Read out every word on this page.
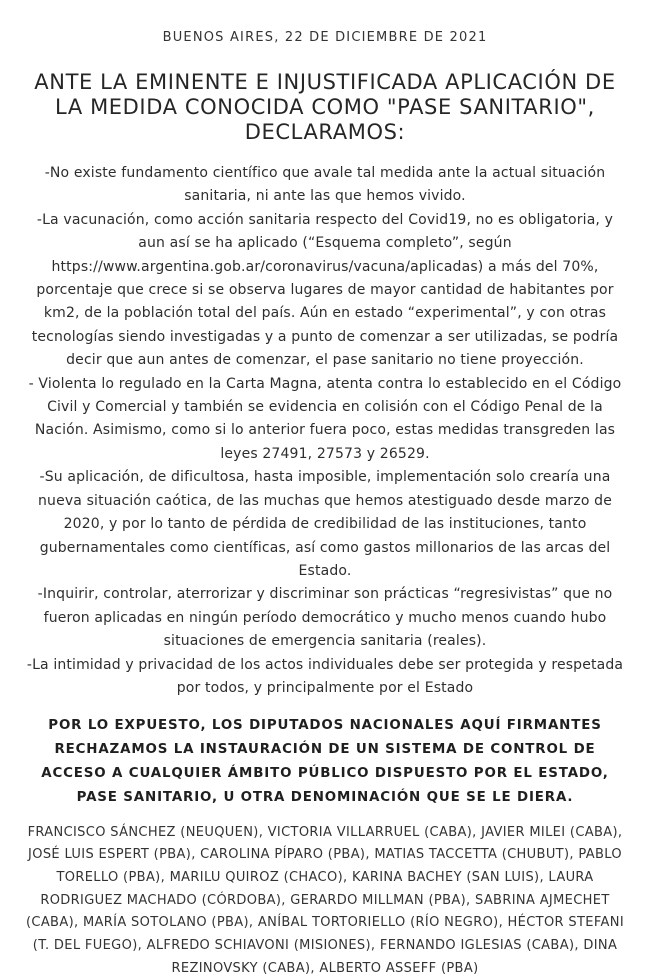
BUENOS AIRES, 22 DE DICIEMBRE DE 2021
ANTE LA EMINENTE E INJUSTIFICADA APLICACIÓN DE LA MEDIDA CONOCIDA COMO "PASE SANITARIO", DECLARAMOS:

-No existe fundamento científico que avale tal medida ante la actual situación sanitaria, ni ante las que hemos vivido.

-La vacunación, como acción sanitaria respecto del Covid19, no es obligatoria, y aun así se ha aplicado (“Esquema completo”, según https://www.argentina.gob.ar/coronavirus/vacuna/aplicadas) a más del 70%, porcentaje que crece si se observa lugares de mayor cantidad de habitantes por km2, de la población total del país. Aún en estado “experimental”, y con otras tecnologías siendo investigadas y a punto de comenzar a ser utilizadas, se podría decir que aun antes de comenzar, el pase sanitario no tiene proyección.

- Violenta lo regulado en la Carta Magna, atenta contra lo establecido en el Código Civil y Comercial y también se evidencia en colisión con el Código Penal de la Nación. Asimismo, como si lo anterior fuera poco, estas medidas transgreden las leyes 27491, 27573 y 26529.

-Su aplicación, de dificultosa, hasta imposible, implementación solo crearía una nueva situación caótica, de las muchas que hemos atestiguado desde marzo de 2020, y por lo tanto de pérdida de credibilidad de las instituciones, tanto gubernamentales como científicas, así como gastos millonarios de las arcas del Estado.

-Inquirir, controlar, aterrorizar y discriminar son prácticas “regresivistas” que no fueron aplicadas en ningún período democrático y mucho menos cuando hubo situaciones de emergencia sanitaria (reales).

-La intimidad y privacidad de los actos individuales debe ser protegida y respetada por todos, y principalmente por el Estado

POR LO EXPUESTO, LOS DIPUTADOS NACIONALES AQUÍ FIRMANTES RECHAZAMOS LA INSTAURACIÓN DE UN SISTEMA DE CONTROL DE ACCESO A CUALQUIER ÁMBITO PÚBLICO DISPUESTO POR EL ESTADO, PASE SANITARIO, U OTRA DENOMINACIÓN QUE SE LE DIERA.

FRANCISCO SÁNCHEZ (NEUQUEN), VICTORIA VILLARRUEL (CABA), JAVIER MILEI (CABA), JOSÉ LUIS ESPERT (PBA), CAROLINA PÍPARO (PBA), MATIAS TACCETTA (CHUBUT), PABLO TORELLO (PBA), MARILU QUIROZ (CHACO), KARINA BACHEY (SAN LUIS), LAURA RODRIGUEZ MACHADO (CÓRDOBA), GERARDO MILLMAN (PBA), SABRINA AJMECHET (CABA), MARÍA SOTOLANO (PBA), ANÍBAL TORTORIELLO (RÍO NEGRO), HÉCTOR STEFANI (T. DEL FUEGO), ALFREDO SCHIAVONI (MISIONES), FERNANDO IGLESIAS (CABA), DINA REZINOVSKY (CABA), ALBERTO ASSEFF (PBA)
